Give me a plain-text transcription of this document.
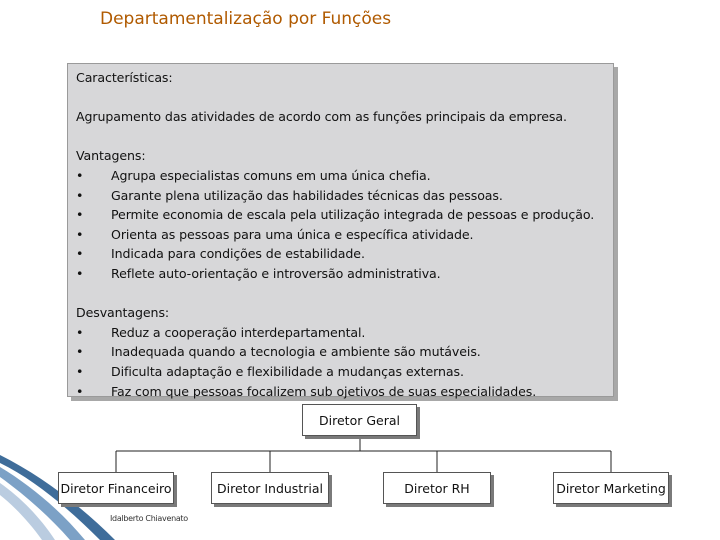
Departamentalização por Funções
Características:
Agrupamento das atividades de acordo com as funções principais da empresa.
Vantagens:
• Agrupa especialistas comuns em uma única chefia.
• Garante plena utilização das habilidades técnicas das pessoas.
• Permite economia de escala pela utilização integrada de pessoas e produção.
• Orienta as pessoas para uma única e específica atividade.
• Indicada para condições de estabilidade.
• Reflete auto-orientação e introversão administrativa.
Desvantagens:
• Reduz a cooperação interdepartamental.
• Inadequada quando a tecnologia e ambiente são mutáveis.
• Dificulta adaptação e flexibilidade a mudanças externas.
• Faz com que pessoas focalizem sub ojetivos de suas especialidades.
Diretor Geral
Diretor Financeiro	Diretor Industrial	Diretor RH	Diretor Marketing
Idalberto Chiavenato
